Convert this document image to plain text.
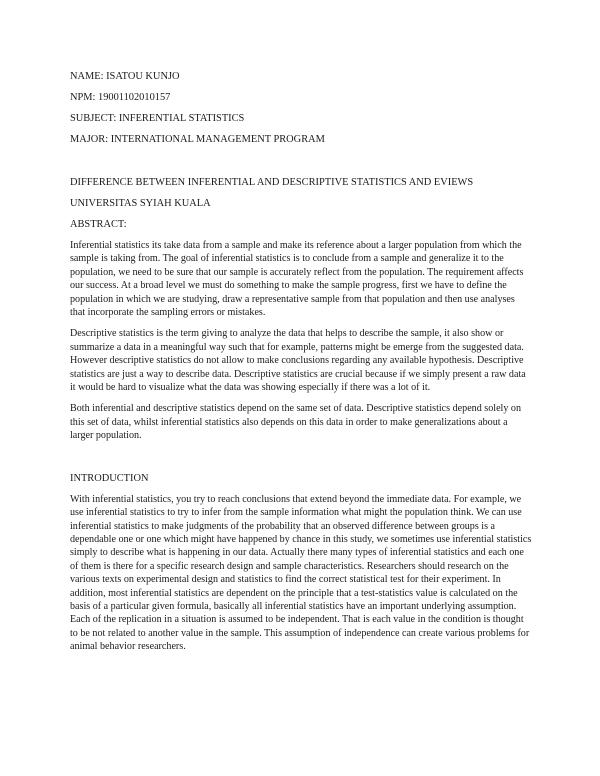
NAME: ISATOU KUNJO
NPM: 19001102010157
SUBJECT: INFERENTIAL STATISTICS
MAJOR: INTERNATIONAL MANAGEMENT PROGRAM
DIFFERENCE BETWEEN INFERENTIAL AND DESCRIPTIVE STATISTICS AND EVIEWS
UNIVERSITAS SYIAH KUALA
ABSTRACT:

Inferential statistics its take data from a sample and make its reference about a larger population from which the sample is taking from. The goal of inferential statistics is to conclude from a sample and generalize it to the population, we need to be sure that our sample is accurately reflect from the population. The requirement affects our success. At a broad level we must do something to make the sample progress, first we have to define the population in which we are studying, draw a representative sample from that population and then use analyses that incorporate the sampling errors or mistakes.

Descriptive statistics is the term giving to analyze the data that helps to describe the sample, it also show or summarize a data in a meaningful way such that for example, patterns might be emerge from the suggested data. However descriptive statistics do not allow to make conclusions regarding any available hypothesis. Descriptive statistics are just a way to describe data. Descriptive statistics are crucial because if we simply present a raw data it would be hard to visualize what the data was showing especially if there was a lot of it.

Both inferential and descriptive statistics depend on the same set of data. Descriptive statistics depend solely on this set of data, whilst inferential statistics also depends on this data in order to make generalizations about a larger population.

INTRODUCTION

With inferential statistics, you try to reach conclusions that extend beyond the immediate data. For example, we use inferential statistics to try to infer from the sample information what might the population think. We can use inferential statistics to make judgments of the probability that an observed difference between groups is a dependable one or one which might have happened by chance in this study, we sometimes use inferential statistics simply to describe what is happening in our data. Actually there many types of inferential statistics and each one of them is there for a specific research design and sample characteristics. Researchers should research on the various texts on experimental design and statistics to find the correct statistical test for their experiment. In addition, most inferential statistics are dependent on the principle that a test-statistics value is calculated on the basis of a particular given formula, basically all inferential statistics have an important underlying assumption. Each of the replication in a situation is assumed to be independent. That is each value in the condition is thought to be not related to another value in the sample. This assumption of independence can create various problems for animal behavior researchers.
